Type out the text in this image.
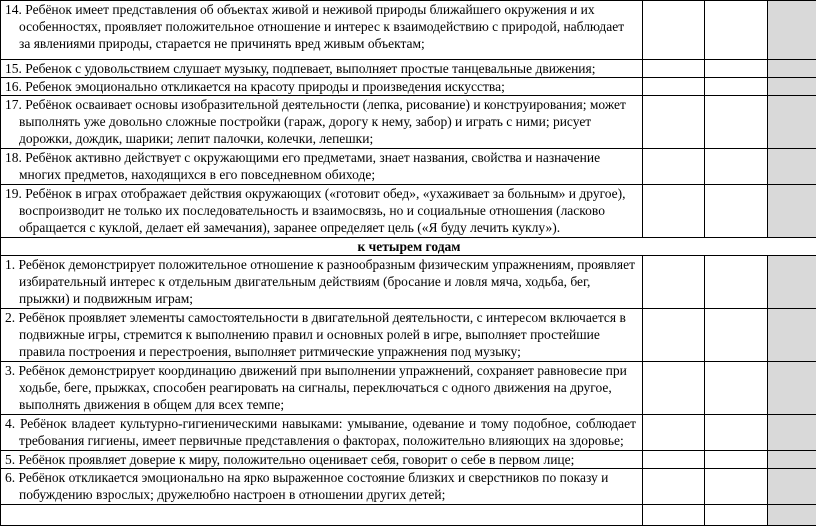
14. Ребёнок имеет представления об объектах живой и неживой природы ближайшего окружения и их особенностях, проявляет положительное отношение и интерес к взаимодействию с природой, наблюдает за явлениями природы, старается не причинять вред живым объектам;			

15. Ребенок с удовольствием слушает музыку, подпевает, выполняет простые танцевальные движения;			

16. Ребенок эмоционально откликается на красоту природы и произведения искусства;			

17. Ребёнок осваивает основы изобразительной деятельности (лепка, рисование) и конструирования; может выполнять уже довольно сложные постройки (гараж, дорогу к нему, забор) и играть с ними; рисует дорожки, дождик, шарики; лепит палочки, колечки, лепешки;			

18. Ребёнок активно действует с окружающими его предметами, знает названия, свойства и назначение многих предметов, находящихся в его повседневном обиходе;			

19. Ребёнок в играх отображает действия окружающих («готовит обед», «ухаживает за больным» и другое), воспроизводит не только их последовательность и взаимосвязь, но и социальные отношения (ласково обращается с куклой, делает ей замечания), заранее определяет цель («Я буду лечить куклу»).			

к четырем годам			

1. Ребёнок демонстрирует положительное отношение к разнообразным физическим упражнениям, проявляет избирательный интерес к отдельным двигательным действиям (бросание и ловля мяча, ходьба, бег, прыжки) и подвижным играм;			

2. Ребёнок проявляет элементы самостоятельности в двигательной деятельности, с интересом включается в подвижные игры, стремится к выполнению правил и основных ролей в игре, выполняет простейшие правила построения и перестроения, выполняет ритмические упражнения под музыку;			

3. Ребёнок демонстрирует координацию движений при выполнении упражнений, сохраняет равновесие при ходьбе, беге, прыжках, способен реагировать на сигналы, переключаться с одного движения на другое, выполнять движения в общем для всех темпе;			

4. Ребёнок владеет культурно-гигиеническими навыками: умывание, одевание и тому подобное, соблюдает требования гигиены, имеет первичные представления о факторах, положительно влияющих на здоровье;			

5. Ребёнок проявляет доверие к миру, положительно оценивает себя, говорит о себе в первом лице;			

6. Ребёнок откликается эмоционально на ярко выраженное состояние близких и сверстников по показу и побуждению взрослых; дружелюбно настроен в отношении других детей;			
